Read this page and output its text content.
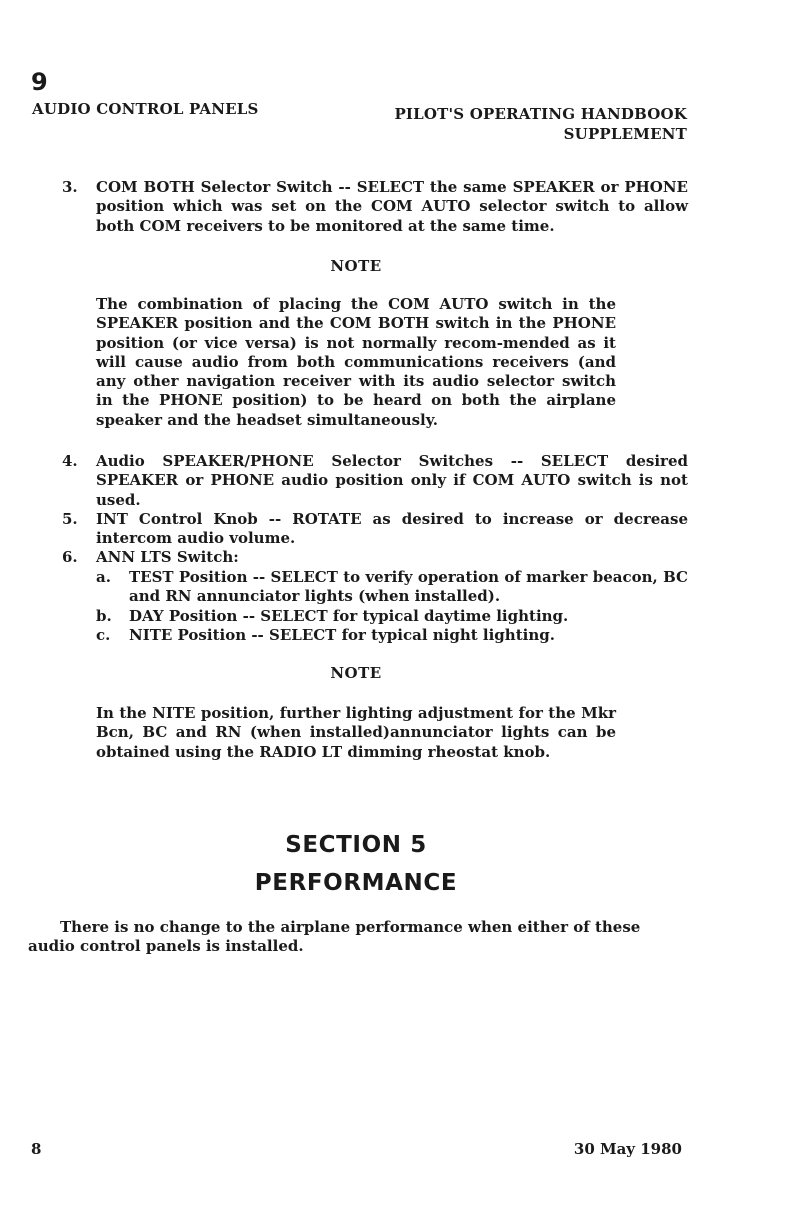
9
AUDIO CONTROL PANELS	PILOT'S OPERATING HANDBOOK
SUPPLEMENT
3. COM BOTH Selector Switch -- SELECT the same SPEAKER or PHONE position which was set on the COM AUTO selector switch to allow both COM receivers to be monitored at the same time.
NOTE
The combination of placing the COM AUTO switch in the SPEAKER position and the COM BOTH switch in the PHONE position (or vice versa) is not normally recom-mended as it will cause audio from both communications receivers (and any other navigation receiver with its audio selector switch in the PHONE position) to be heard on both the airplane speaker and the headset simultaneously.
4. Audio SPEAKER/PHONE Selector Switches -- SELECT desired SPEAKER or PHONE audio position only if COM AUTO switch is not used.
5. INT Control Knob -- ROTATE as desired to increase or decrease intercom audio volume.
6. ANN LTS Switch:
a. TEST Position -- SELECT to verify operation of marker beacon, BC and RN annunciator lights (when installed).
b. DAY Position -- SELECT for typical daytime lighting.
c. NITE Position -- SELECT for typical night lighting.
NOTE
In the NITE position, further lighting adjustment for the Mkr Bcn, BC and RN (when installed)annunciator lights can be obtained using the RADIO LT dimming rheostat knob.
SECTION 5
PERFORMANCE
There is no change to the airplane performance when either of these audio control panels is installed.
8	30 May 1980
